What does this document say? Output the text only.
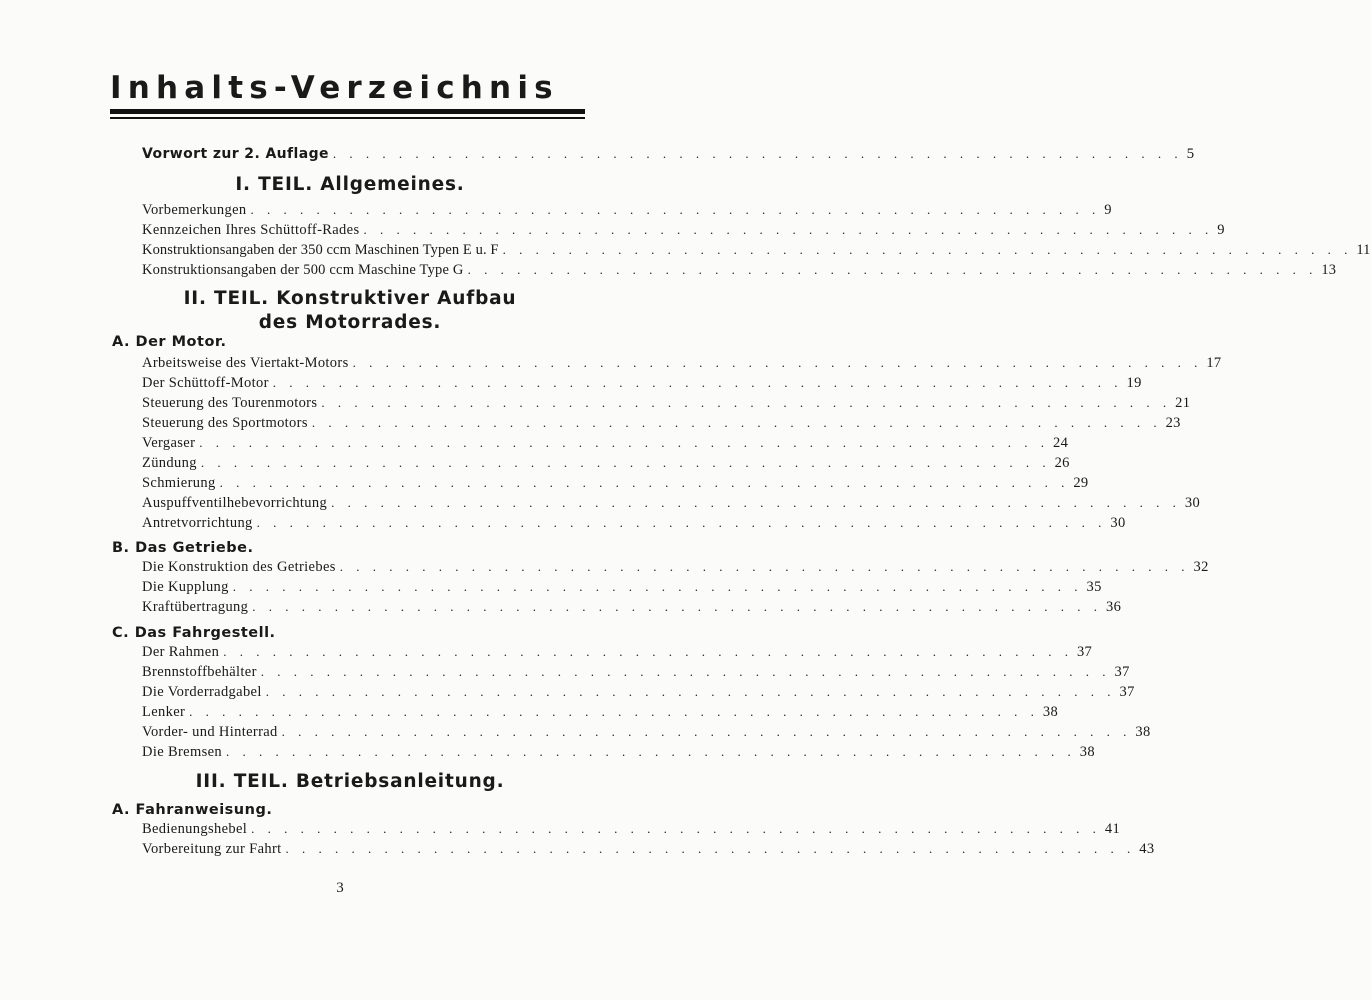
Inhalts-Verzeichnis
Vorwort zur 2. Auflage . . . . . . . . . . . . . . . . . . . . . . . . . . . . . . . . . . . . . . . . . . . . . . . . . . . . 5
I. TEIL. Allgemeines.
Vorbemerkungen . . . . . . . . . . . . . . . . . . . . . . . . . . . . . . . . . . . . . . . . . . . . . . . . . . . . 9
Kennzeichen Ihres Schüttoff-Rades . . . . . . . . . . . . . . . . . . . . . . . . . . . . . . . . . . . . . . . . . . . . . . . . . . . . 9
Konstruktionsangaben der 350 ccm Maschinen Typen E u. F . . . . . . . . . . . . . . . . . . . . . . . . . . . . . . . . . . . . . . . . . . . . . . . . . . . . 11
Konstruktionsangaben der 500 ccm Maschine Type G . . . . . . . . . . . . . . . . . . . . . . . . . . . . . . . . . . . . . . . . . . . . . . . . . . . . 13
II. TEIL. Konstruktiver Aufbau
des Motorrades.
A. Der Motor.
Arbeitsweise des Viertakt-Motors . . . . . . . . . . . . . . . . . . . . . . . . . . . . . . . . . . . . . . . . . . . . . . . . . . . . 17
Der Schüttoff-Motor . . . . . . . . . . . . . . . . . . . . . . . . . . . . . . . . . . . . . . . . . . . . . . . . . . . . 19
Steuerung des Tourenmotors . . . . . . . . . . . . . . . . . . . . . . . . . . . . . . . . . . . . . . . . . . . . . . . . . . . . 21
Steuerung des Sportmotors . . . . . . . . . . . . . . . . . . . . . . . . . . . . . . . . . . . . . . . . . . . . . . . . . . . . 23
Vergaser . . . . . . . . . . . . . . . . . . . . . . . . . . . . . . . . . . . . . . . . . . . . . . . . . . . . 24
Zündung . . . . . . . . . . . . . . . . . . . . . . . . . . . . . . . . . . . . . . . . . . . . . . . . . . . . 26
Schmierung . . . . . . . . . . . . . . . . . . . . . . . . . . . . . . . . . . . . . . . . . . . . . . . . . . . . 29
Auspuffventilhebevorrichtung . . . . . . . . . . . . . . . . . . . . . . . . . . . . . . . . . . . . . . . . . . . . . . . . . . . . 30
Antretvorrichtung . . . . . . . . . . . . . . . . . . . . . . . . . . . . . . . . . . . . . . . . . . . . . . . . . . . . 30
B. Das Getriebe.
Die Konstruktion des Getriebes . . . . . . . . . . . . . . . . . . . . . . . . . . . . . . . . . . . . . . . . . . . . . . . . . . . . 32
Die Kupplung . . . . . . . . . . . . . . . . . . . . . . . . . . . . . . . . . . . . . . . . . . . . . . . . . . . . 35
Kraftübertragung . . . . . . . . . . . . . . . . . . . . . . . . . . . . . . . . . . . . . . . . . . . . . . . . . . . . 36
C. Das Fahrgestell.
Der Rahmen . . . . . . . . . . . . . . . . . . . . . . . . . . . . . . . . . . . . . . . . . . . . . . . . . . . . 37
Brennstoffbehälter . . . . . . . . . . . . . . . . . . . . . . . . . . . . . . . . . . . . . . . . . . . . . . . . . . . . 37
Die Vorderradgabel . . . . . . . . . . . . . . . . . . . . . . . . . . . . . . . . . . . . . . . . . . . . . . . . . . . . 37
Lenker . . . . . . . . . . . . . . . . . . . . . . . . . . . . . . . . . . . . . . . . . . . . . . . . . . . . 38
Vorder- und Hinterrad . . . . . . . . . . . . . . . . . . . . . . . . . . . . . . . . . . . . . . . . . . . . . . . . . . . . 38
Die Bremsen . . . . . . . . . . . . . . . . . . . . . . . . . . . . . . . . . . . . . . . . . . . . . . . . . . . . 38
III. TEIL. Betriebsanleitung.
A. Fahranweisung.
Bedienungshebel . . . . . . . . . . . . . . . . . . . . . . . . . . . . . . . . . . . . . . . . . . . . . . . . . . . . 41
Vorbereitung zur Fahrt . . . . . . . . . . . . . . . . . . . . . . . . . . . . . . . . . . . . . . . . . . . . . . . . . . . . 43
3
